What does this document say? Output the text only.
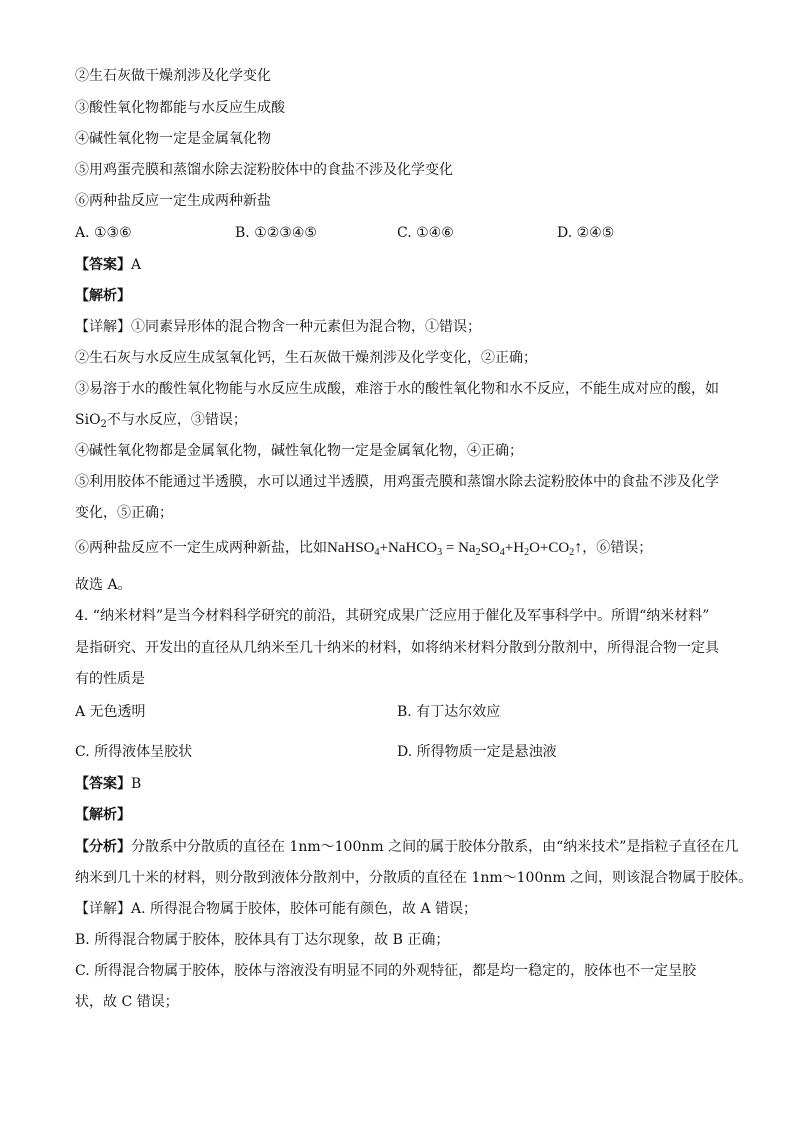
②生石灰做干燥剂涉及化学变化
③酸性氧化物都能与水反应生成酸
④碱性氧化物一定是金属氧化物
⑤用鸡蛋壳膜和蒸馏水除去淀粉胶体中的食盐不涉及化学变化
⑥两种盐反应一定生成两种新盐
A. ①③⑥	B. ①②③④⑤	C. ①④⑥	D. ②④⑤
【答案】A
【解析】
【详解】①同素异形体的混合物含一种元素但为混合物，①错误；
②生石灰与水反应生成氢氧化钙，生石灰做干燥剂涉及化学变化，②正确；
③易溶于水的酸性氧化物能与水反应生成酸，难溶于水的酸性氧化物和水不反应，不能生成对应的酸，如
SiO$_2$不与水反应，③错误；
④碱性氧化物都是金属氧化物，碱性氧化物一定是金属氧化物，④正确；
⑤利用胶体不能通过半透膜，水可以通过半透膜，用鸡蛋壳膜和蒸馏水除去淀粉胶体中的食盐不涉及化学
变化，⑤正确；
⑥两种盐反应不一定生成两种新盐，比如NaHSO$_4$+NaHCO$_3$ = $Na_2SO_4+H_2O+CO_2↑$，⑥错误；
故选 A。
4. “纳米材料”是当今材料科学研究的前沿，其研究成果广泛应用于催化及军事科学中。所谓“纳米材料”
是指研究、开发出的直径从几纳米至几十纳米的材料，如将纳米材料分散到分散剂中，所得混合物一定具
有的性质是
A 无色透明	B. 有丁达尔效应
C. 所得液体呈胶状	D. 所得物质一定是悬浊液
【答案】B
【解析】
【分析】分散系中分散质的直径在 1nm～100nm 之间的属于胶体分散系，由“纳米技术”是指粒子直径在几
纳米到几十米的材料，则分散到液体分散剂中，分散质的直径在 1nm～100nm 之间，则该混合物属于胶体。
【详解】A. 所得混合物属于胶体，胶体可能有颜色，故 A 错误；
B. 所得混合物属于胶体，胶体具有丁达尔现象，故 B 正确；
C. 所得混合物属于胶体，胶体与溶液没有明显不同的外观特征，都是均一稳定的，胶体也不一定呈胶
状，故 C 错误；
